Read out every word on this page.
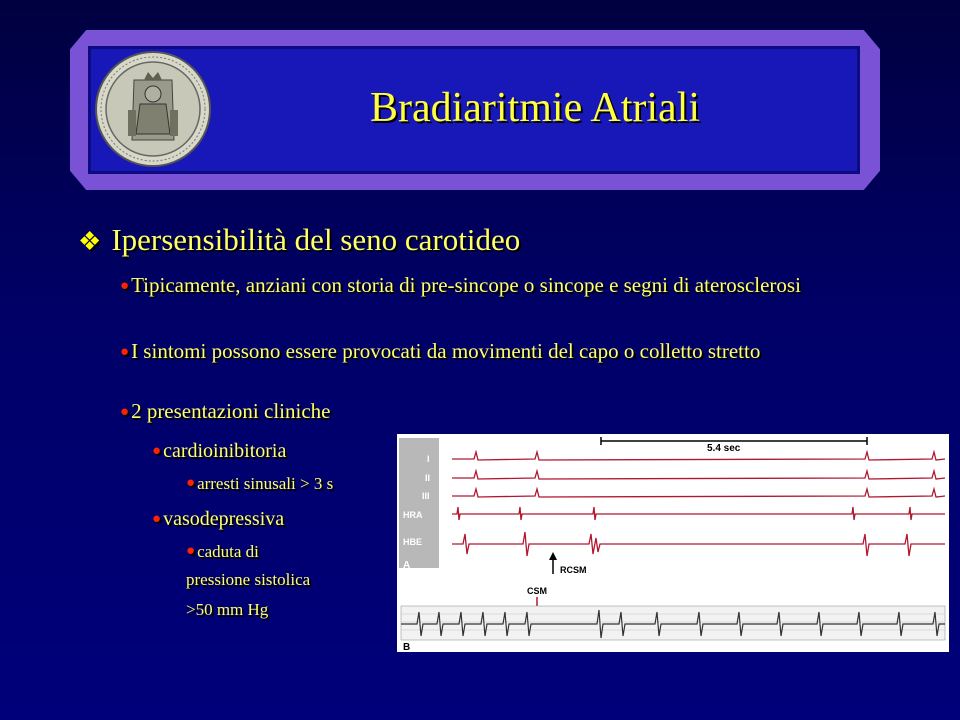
Bradiaritmie Atriali
❖ Ipersensibilità del seno carotideo
●Tipicamente, anziani con storia di pre-sincope o sincope e segni di aterosclerosi
●I sintomi possono essere provocati da movimenti del capo o colletto stretto
●2 presentazioni cliniche
● cardioinibitoria
● arresti sinusali > 3 s
● vasodepressiva
● caduta di
pressione sistolica
>50 mm Hg
5.4 sec
I
II
III
HRA
HBE
A	RCSM
CSM
B
